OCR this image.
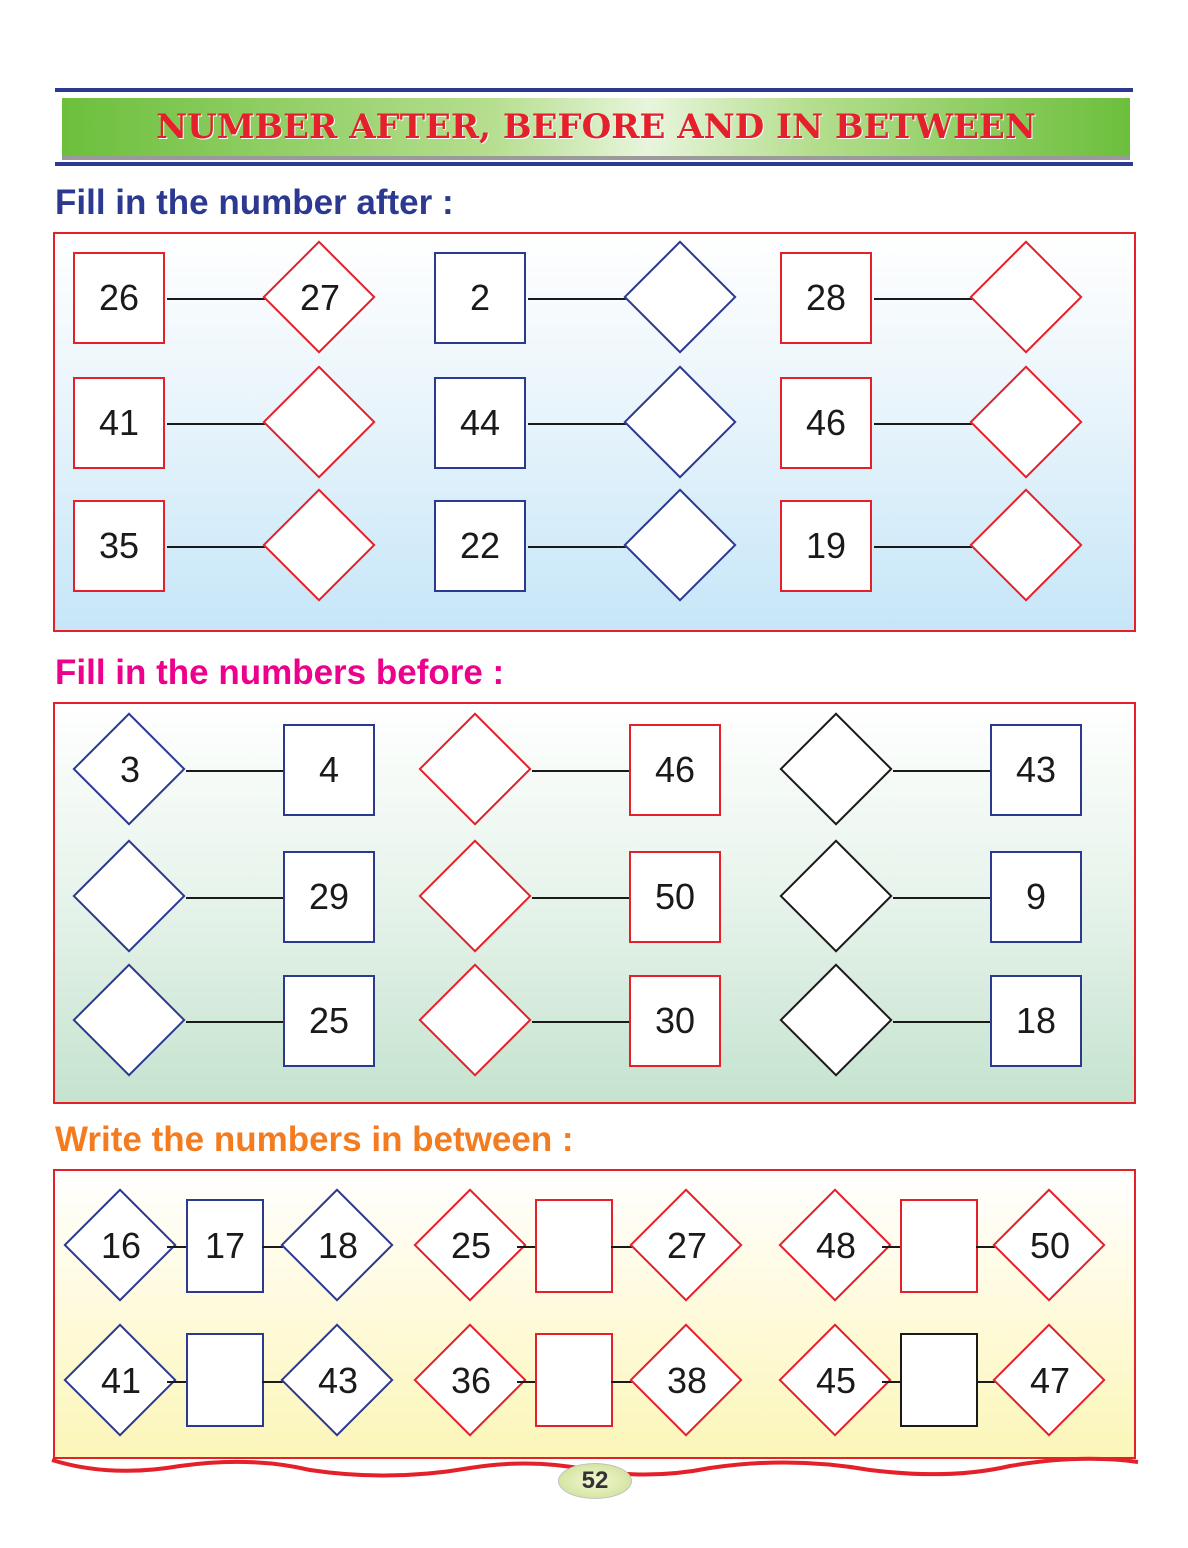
NUMBER AFTER, BEFORE AND IN BETWEEN
Fill in the number after :
26	27	2	28
41	44	46
35	22	19
Fill in the numbers before :
3	4	46	43
29	50	9
25	30	18
Write the numbers in between :
16	17	18	25	27	48	50
41	43	36	38	45	47
52
